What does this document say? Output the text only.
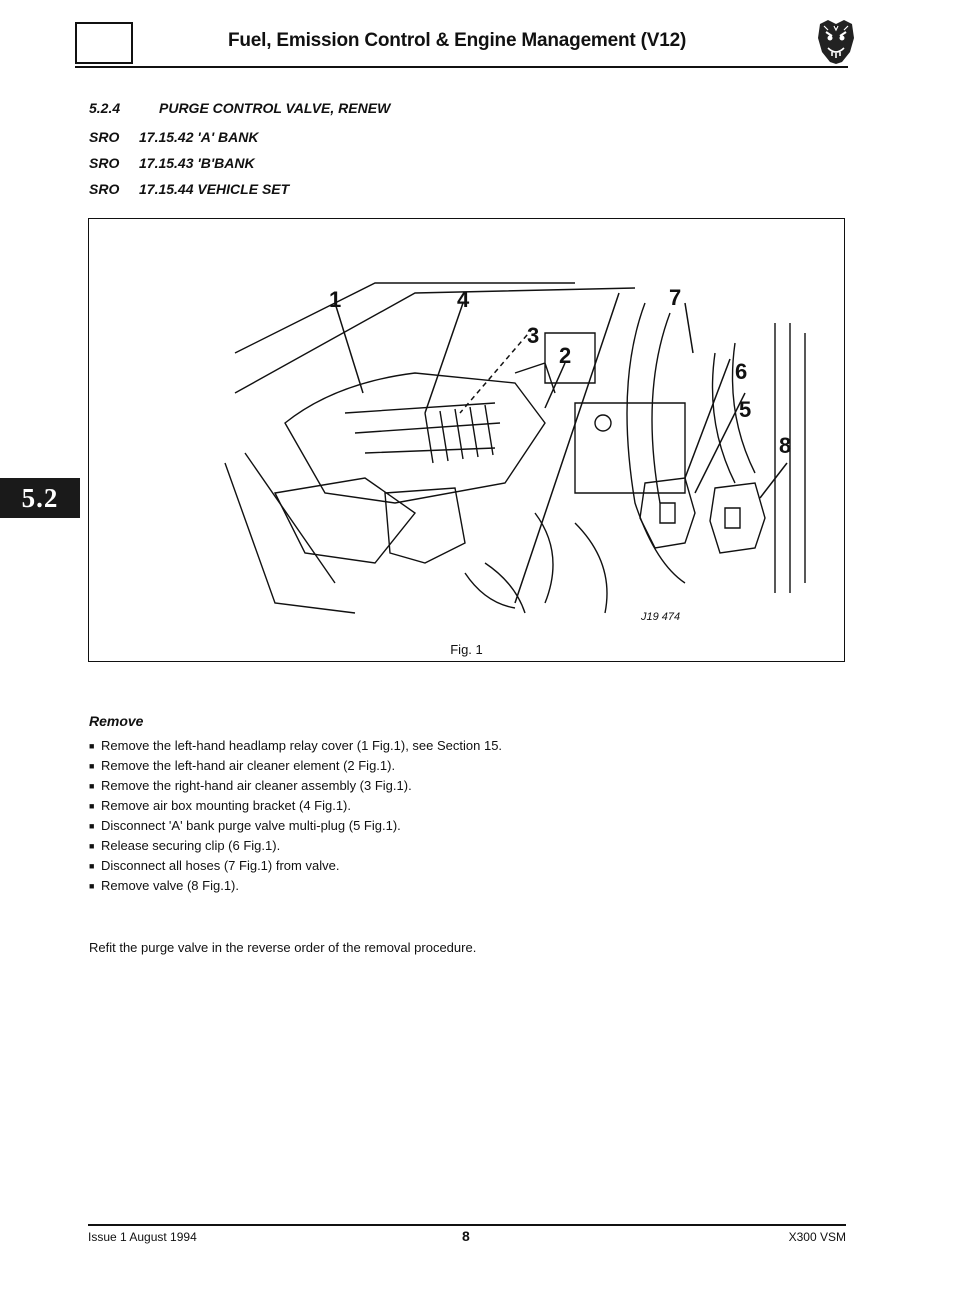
Fuel, Emission Control & Engine Management (V12)
5.2
5.2.4	PURGE CONTROL VALVE, RENEW
SRO 17.15.42 'A' BANK
SRO 17.15.43 'B'BANK
SRO 17.15.44 VEHICLE SET
1	4
3
2
7
6
5
8
J19 474
Fig. 1
Remove
■ Remove the left-hand headlamp relay cover (1 Fig.1), see Section 15.
■ Remove the left-hand air cleaner element (2 Fig.1).
■ Remove the right-hand air cleaner assembly (3 Fig.1).
■ Remove air box mounting bracket (4 Fig.1).
■ Disconnect 'A' bank purge valve multi-plug (5 Fig.1).
■ Release securing clip (6 Fig.1).
■ Disconnect all hoses (7 Fig.1) from valve.
■ Remove valve (8 Fig.1).
Refit the purge valve in the reverse order of the removal procedure.
Issue 1 August 1994	8	X300 VSM
